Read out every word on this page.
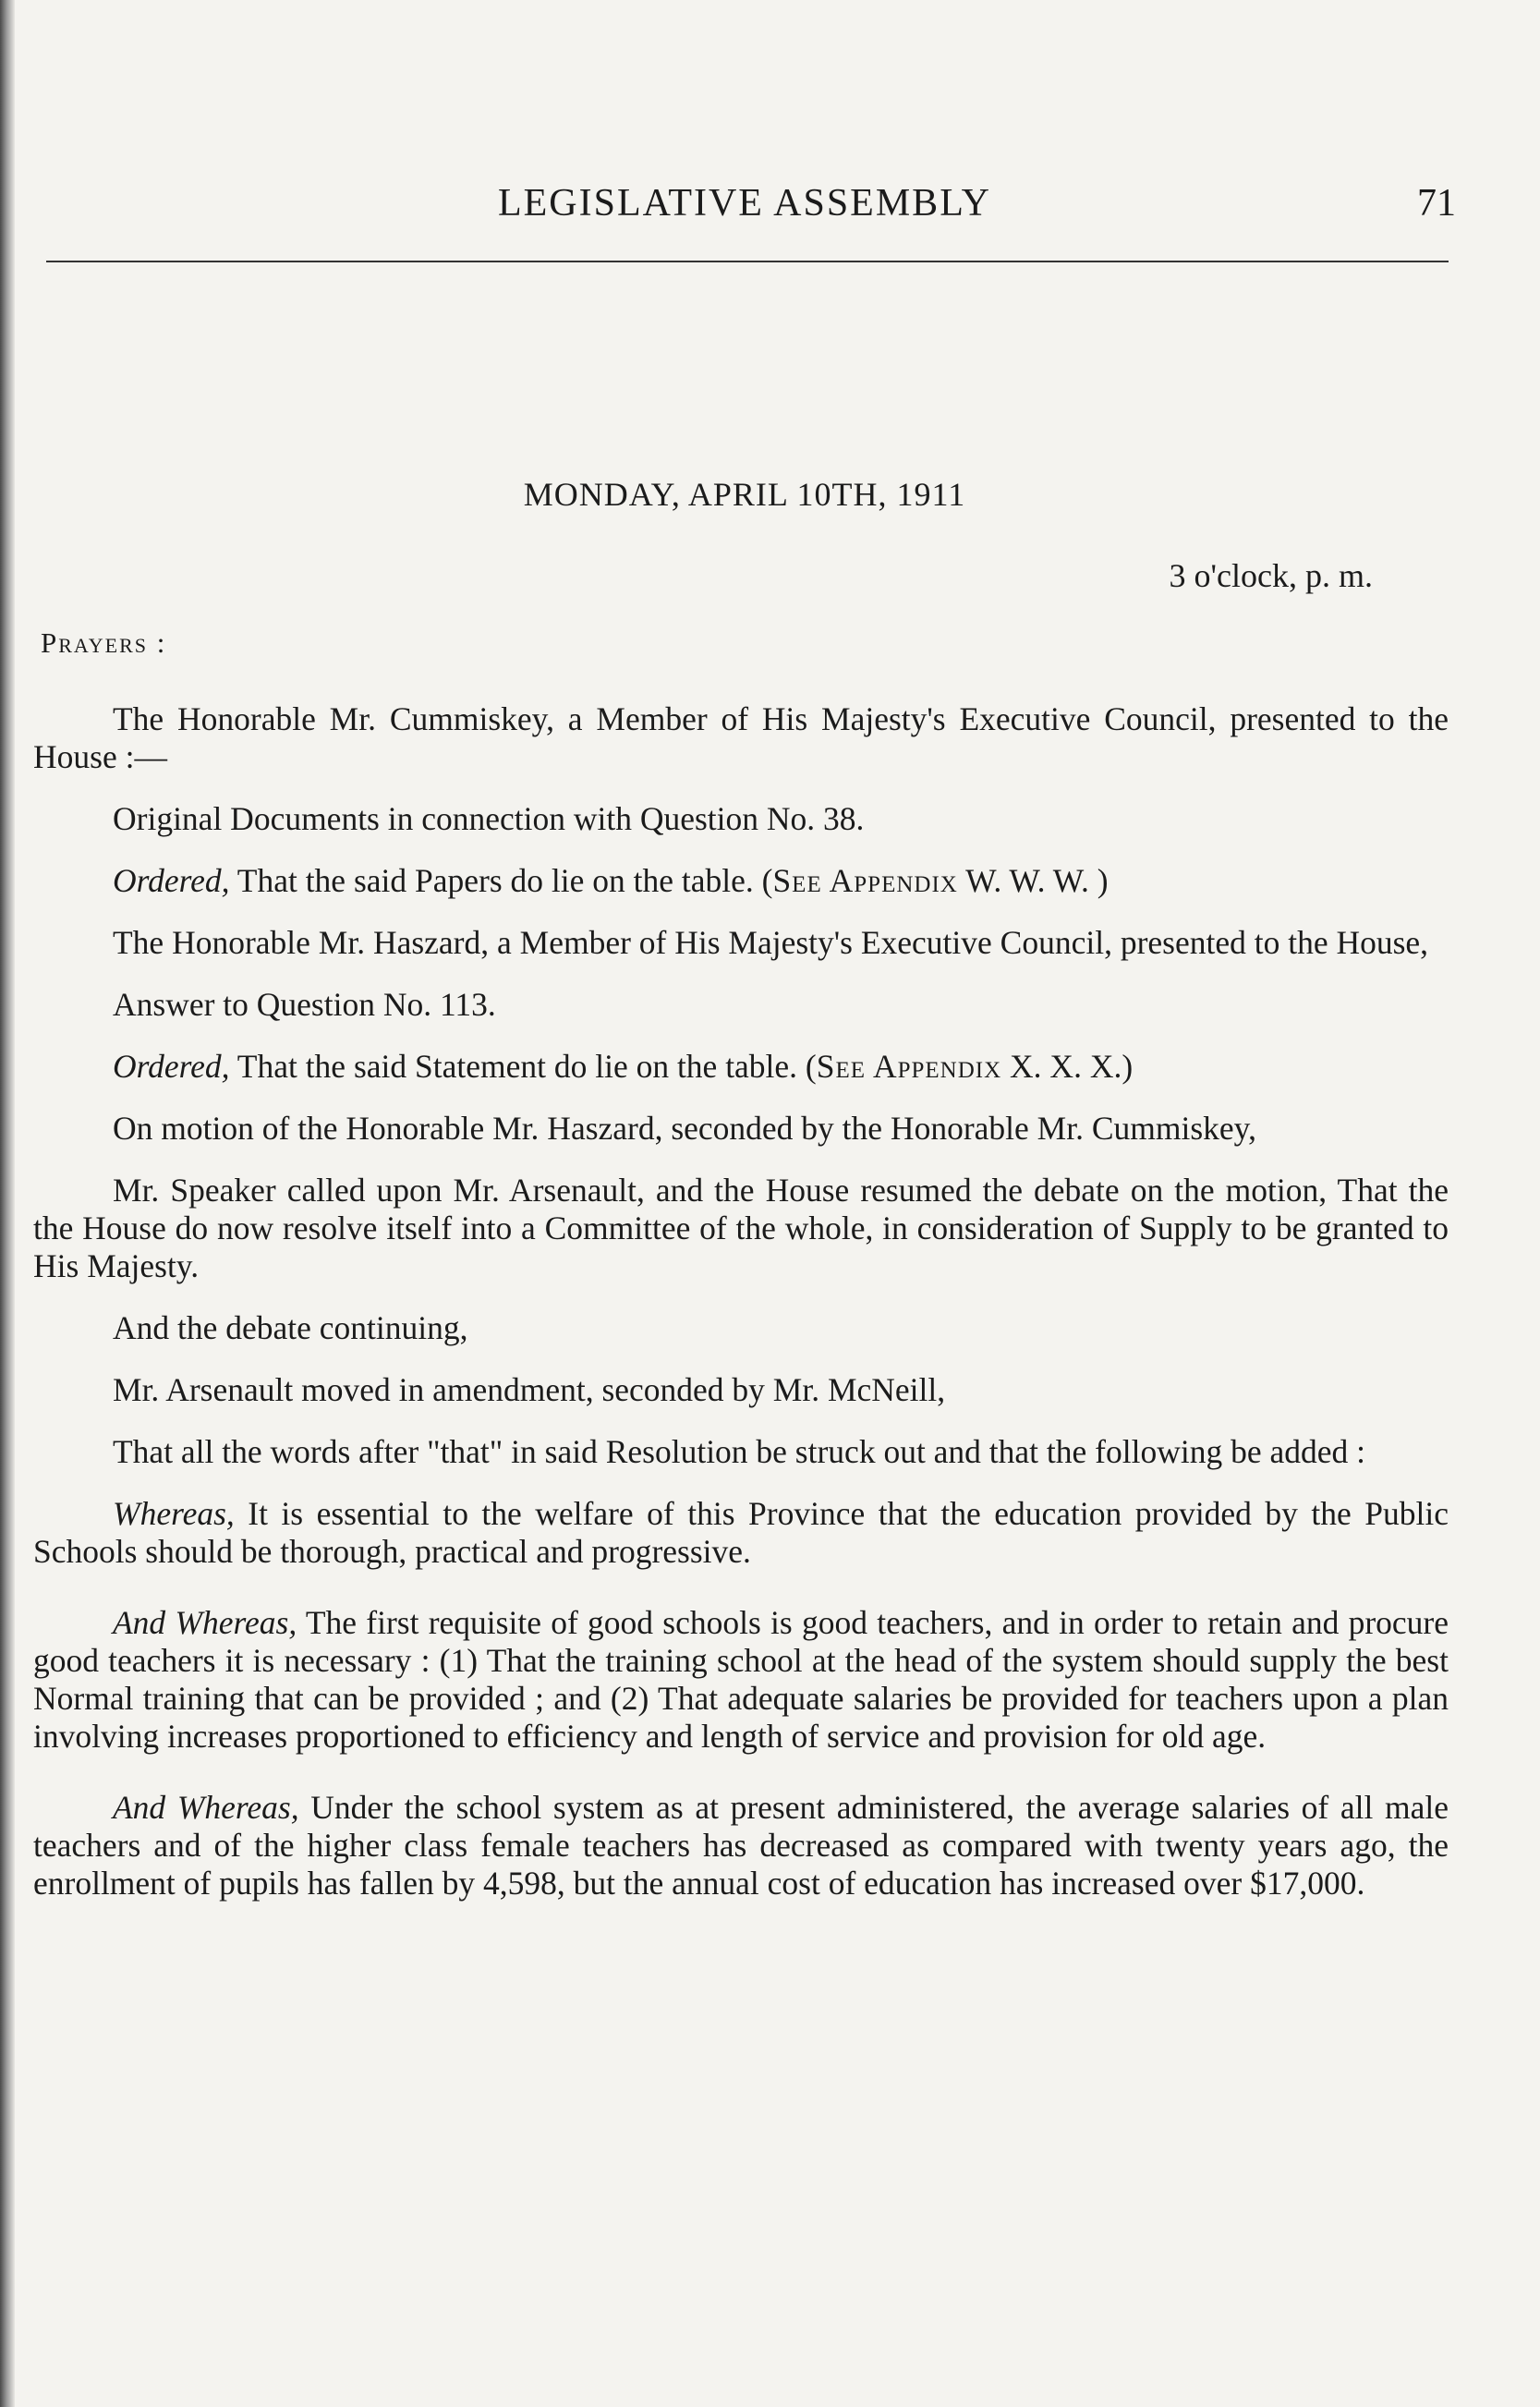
LEGISLATIVE ASSEMBLY	71
MONDAY, APRIL 10TH, 1911
3 o'clock, p. m.
Prayers :

The Honorable Mr. Cummiskey, a Member of His Majesty's Executive Council, presented to the House :—

Original Documents in connection with Question No. 38.

Ordered, That the said Papers do lie on the table. (See Appendix W. W. W. )

The Honorable Mr. Haszard, a Member of His Majesty's Executive Council, presented to the House,

Answer to Question No. 113.

Ordered, That the said Statement do lie on the table. (See Appendix X. X. X.)

On motion of the Honorable Mr. Haszard, seconded by the Honorable Mr. Cummiskey,

Mr. Speaker called upon Mr. Arsenault, and the House resumed the debate on the motion, That the the House do now resolve itself into a Committee of the whole, in consideration of Supply to be granted to His Majesty.

And the debate continuing,

Mr. Arsenault moved in amendment, seconded by Mr. McNeill,

That all the words after "that" in said Resolution be struck out and that the following be added :

Whereas, It is essential to the welfare of this Province that the education provided by the Public Schools should be thorough, practical and progressive.

And Whereas, The first requisite of good schools is good teachers, and in order to retain and procure good teachers it is necessary : (1) That the training school at the head of the system should supply the best Normal training that can be provided ; and (2) That adequate salaries be provided for teachers upon a plan involving increases proportioned to efficiency and length of service and provision for old age.

And Whereas, Under the school system as at present administered, the average salaries of all male teachers and of the higher class female teachers has decreased as compared with twenty years ago, the enrollment of pupils has fallen by 4,598, but the annual cost of education has increased over $17,000.
